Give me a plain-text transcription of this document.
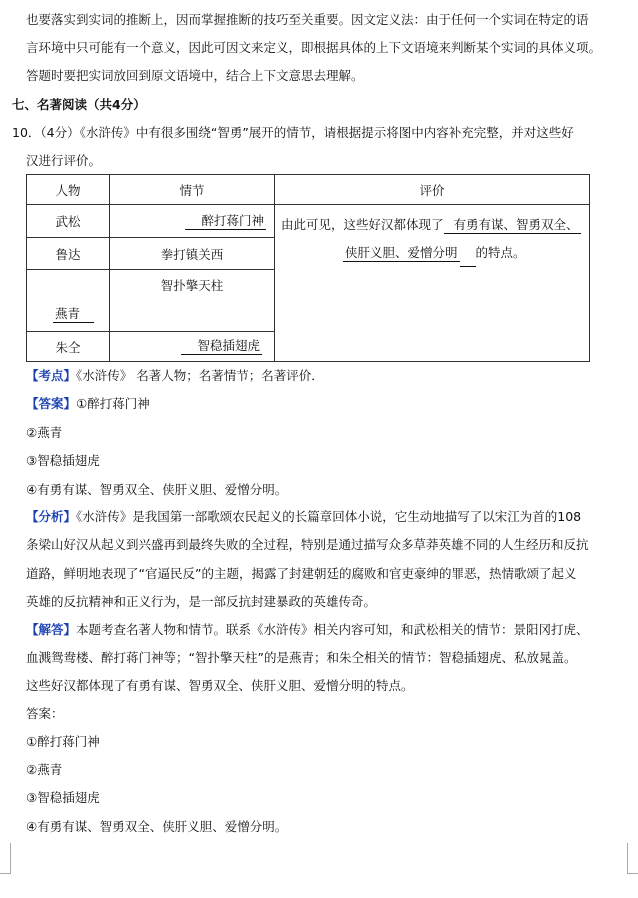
也要落实到实词的推断上，因而掌握推断的技巧至关重要。因文定义法：由于任何一个实词在特定的语
言环境中只可能有一个意义，因此可因文来定义，即根据具体的上下文语境来判断某个实词的具体义项。
答题时要把实词放回到原文语境中，结合上下文意思去理解。
七、名著阅读（共4分）
10．（4分）《水浒传》中有很多围绕“智勇”展开的情节，请根据提示将图中内容补充完整，并对这些好
汉进行评价。
人物	情节	评价
武松	醉打蒋门神	由此可见，这些好汉都体现了 有勇有谋、智勇双全、
侠肝义胆、爱憎分明 的特点。
鲁达	拳打镇关西	
燕青	智扑擎天柱	
朱仝	智稳插翅虎	
【考点】《水浒传》 名著人物；名著情节；名著评价．
【答案】①醉打蒋门神
②燕青
③智稳插翅虎
④有勇有谋、智勇双全、侠肝义胆、爱憎分明。
【分析】《水浒传》是我国第一部歌颂农民起义的长篇章回体小说，它生动地描写了以宋江为首的108
条梁山好汉从起义到兴盛再到最终失败的全过程，特别是通过描写众多草莽英雄不同的人生经历和反抗
道路，鲜明地表现了“官逼民反”的主题，揭露了封建朝廷的腐败和官吏豪绅的罪恶，热情歌颂了起义
英雄的反抗精神和正义行为，是一部反抗封建暴政的英雄传奇。
【解答】本题考查名著人物和情节。联系《水浒传》相关内容可知，和武松相关的情节：景阳冈打虎、
血溅鸳鸯楼、醉打蒋门神等；“智扑擎天柱”的是燕青；和朱仝相关的情节：智稳插翅虎、私放晁盖。
这些好汉都体现了有勇有谋、智勇双全、侠肝义胆、爱憎分明的特点。
答案：
①醉打蒋门神
②燕青
③智稳插翅虎
④有勇有谋、智勇双全、侠肝义胆、爱憎分明。
